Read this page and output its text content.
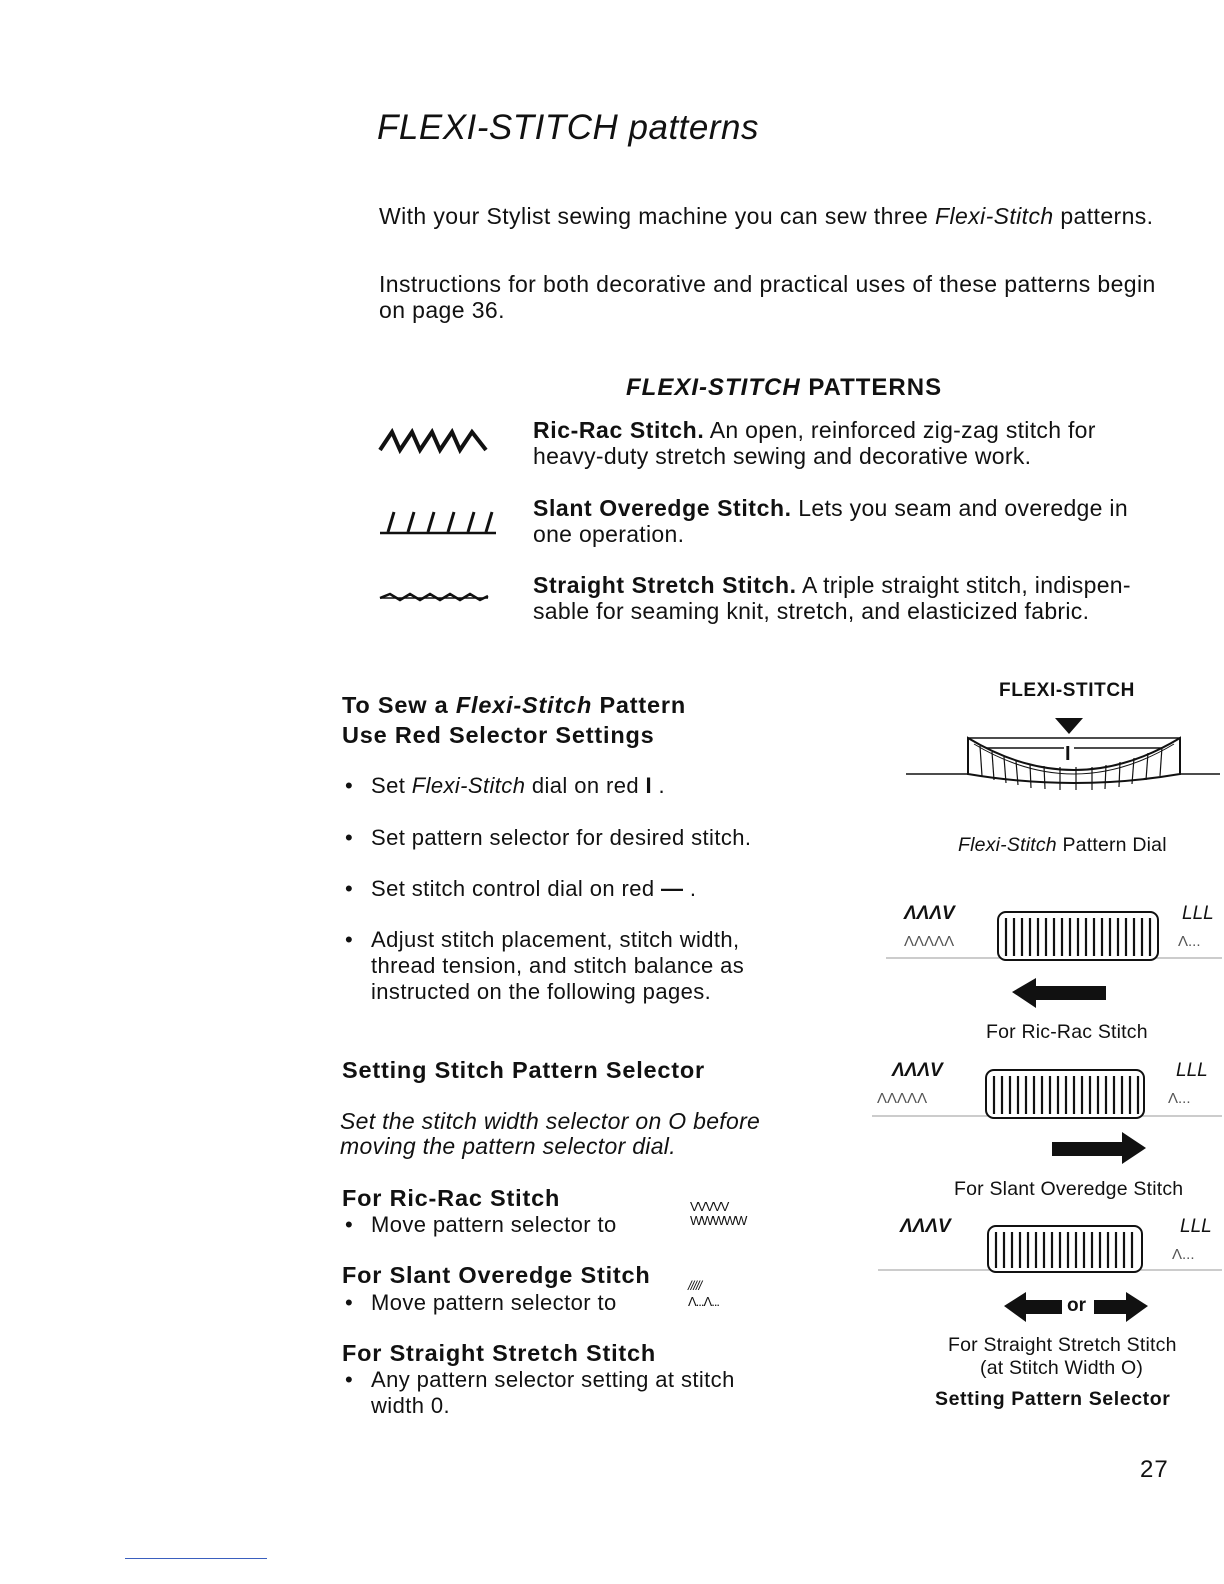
FLEXI-STITCH patterns
With your Stylist sewing machine you can sew three Flexi-Stitch patterns.
Instructions for both decorative and practical uses of these patterns begin
on page 36.
FLEXI-STITCH PATTERNS
Ric-Rac Stitch. An open, reinforced zig-zag stitch for
heavy-duty stretch sewing and decorative work.
Slant Overedge Stitch. Lets you seam and overedge in
one operation.
Straight Stretch Stitch. A triple straight stitch, indispen-
sable for seaming knit, stretch, and elasticized fabric.
To Sew a Flexi-Stitch Pattern
Use Red Selector Settings
• Set Flexi-Stitch dial on red I .
• Set pattern selector for desired stitch.
• Set stitch control dial on red — .
• Adjust stitch placement, stitch width,
thread tension, and stitch balance as
instructed on the following pages.
Setting Stitch Pattern Selector
Set the stitch width selector on O before
moving the pattern selector dial.
For Ric-Rac Stitch
• Move pattern selector to
VVVVV
WWWWW
For Slant Overedge Stitch
• Move pattern selector to
/////
Λ...Λ...
For Straight Stretch Stitch
• Any pattern selector setting at stitch
width 0.
FLEXI-STITCH
I
Flexi-Stitch Pattern Dial
ΛΛΛV
ΛΛΛΛΛ
LLL
Λ...
For Ric-Rac Stitch
ΛΛΛV
ΛΛΛΛΛ
LLL
Λ...
For Slant Overedge Stitch
ΛΛΛV	LLL
Λ...
or
For Straight Stretch Stitch
(at Stitch Width O)
Setting Pattern Selector
27
